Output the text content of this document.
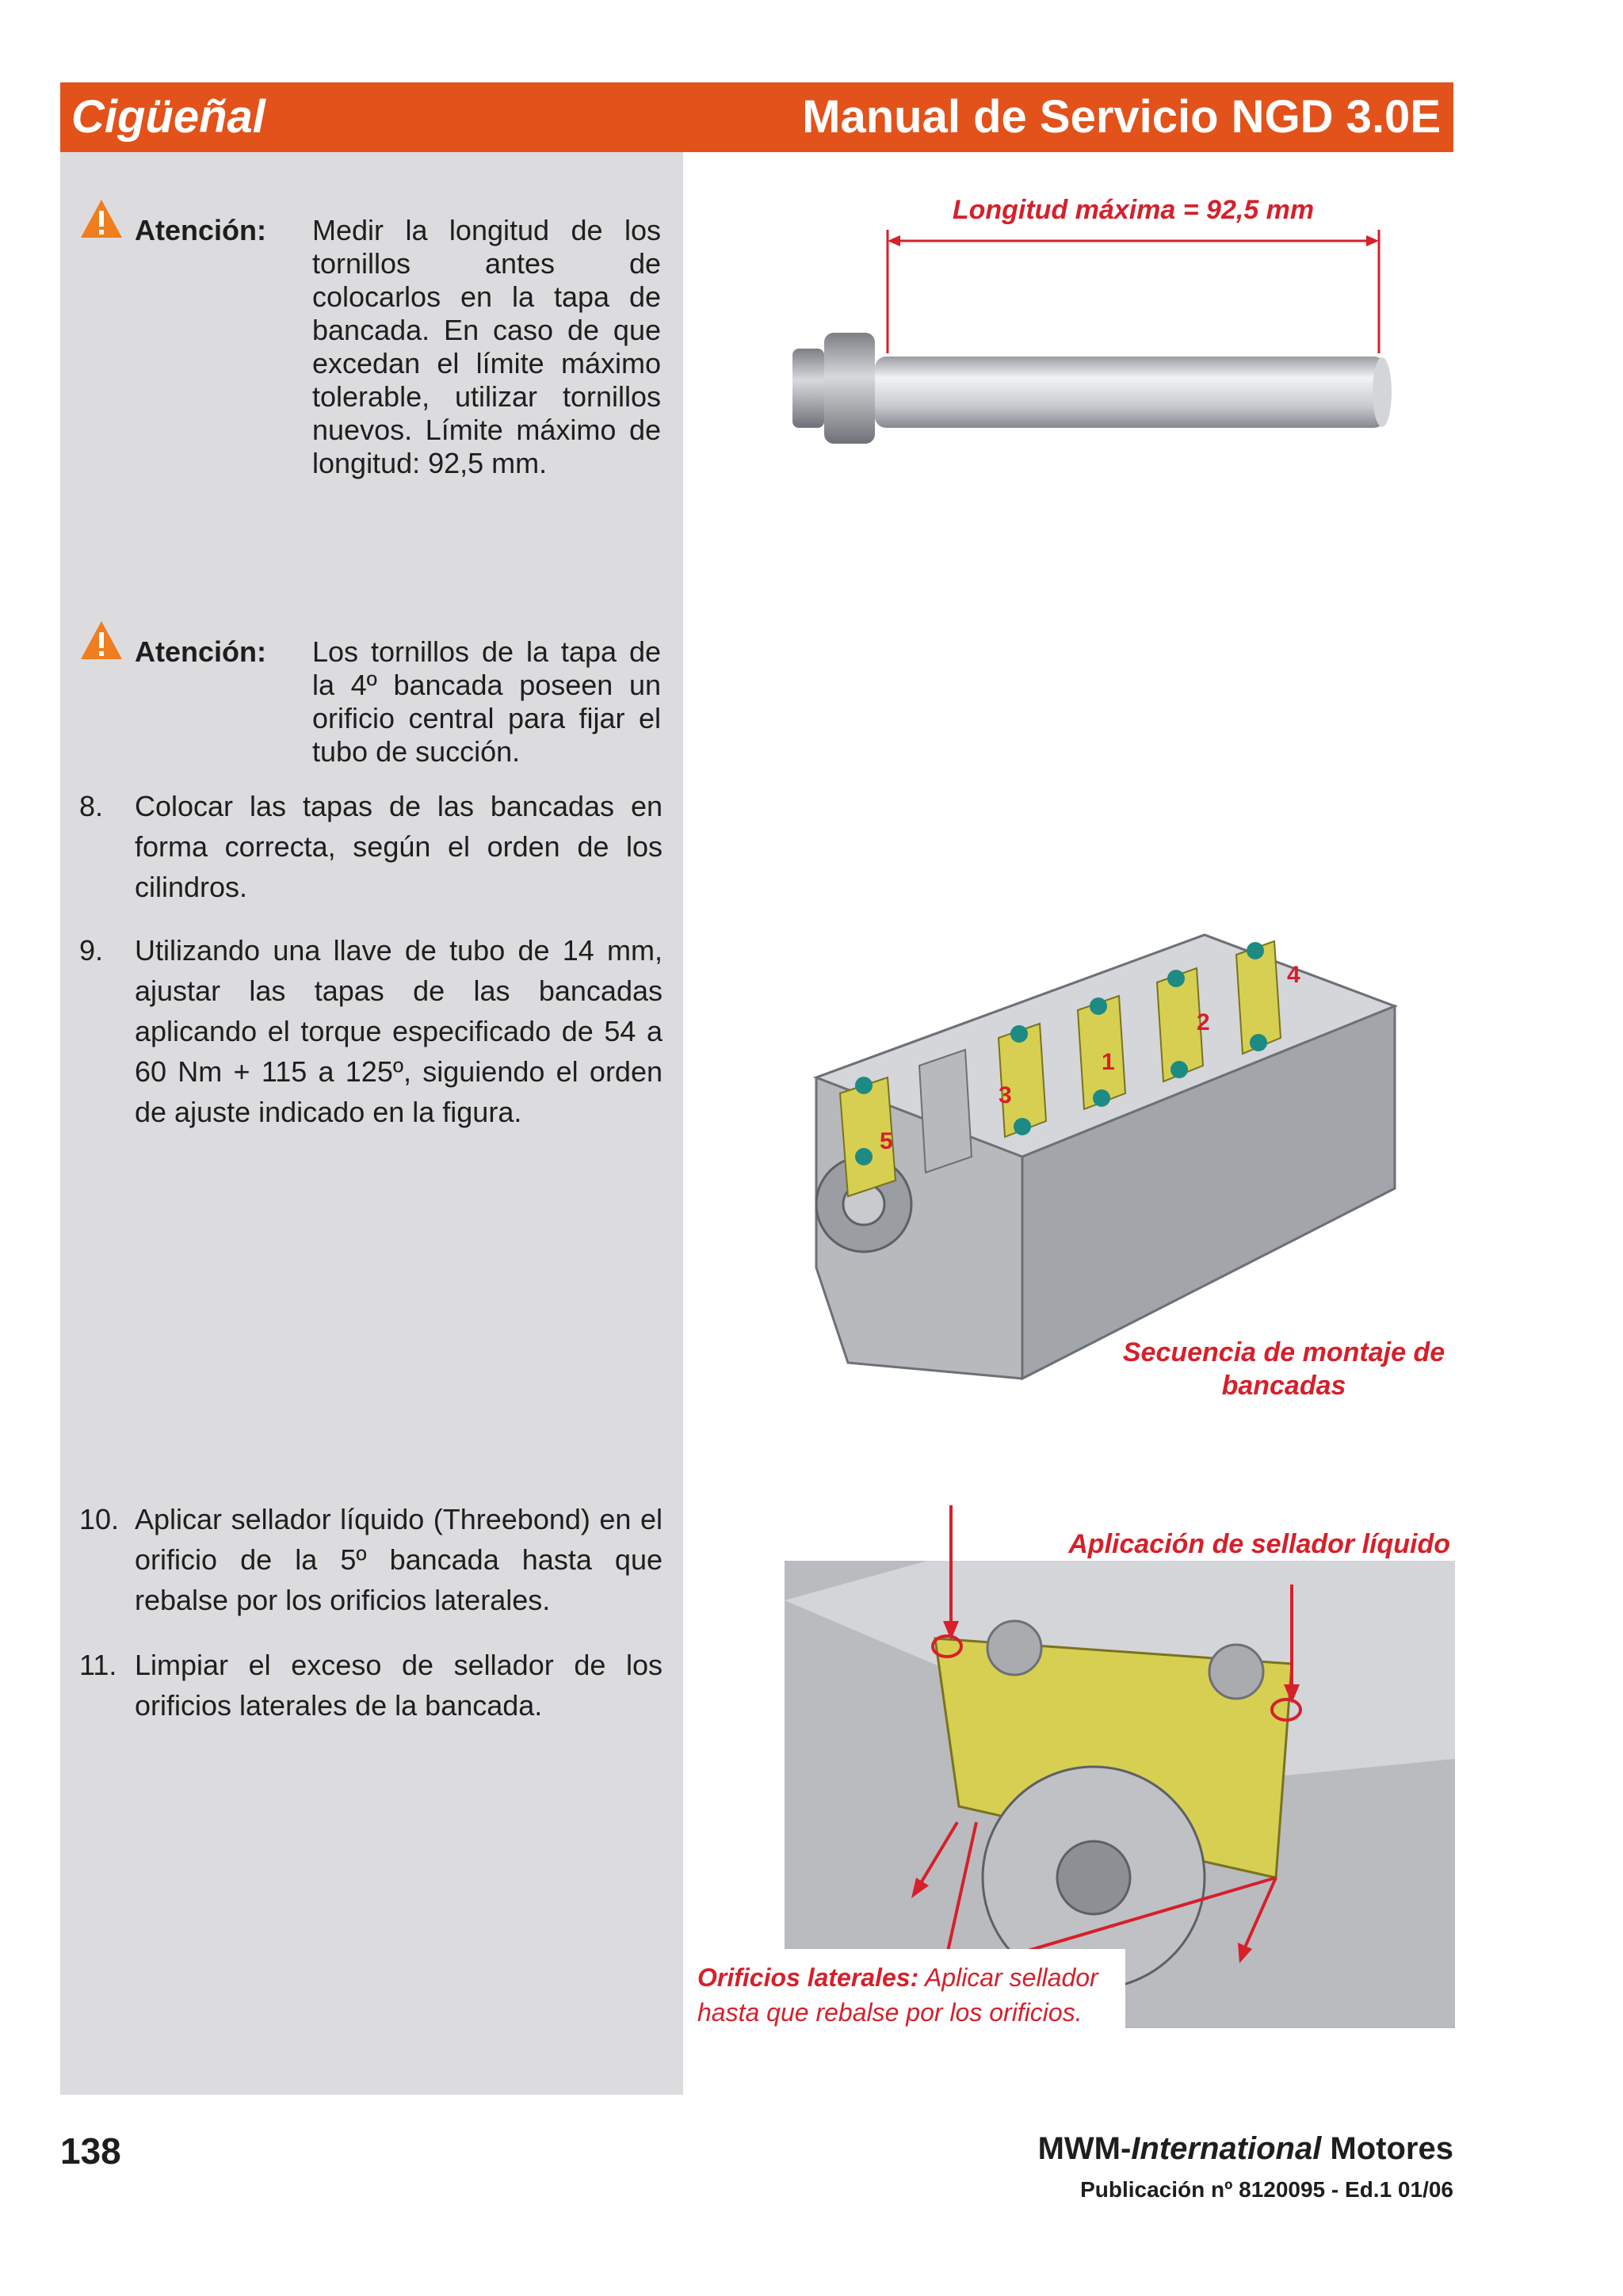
Cigüeñal	Manual de Servicio NGD 3.0E
Atención: Medir la longitud de los tornillos antes de colocarlos en la tapa de bancada. En caso de que excedan el límite máximo tolerable, utilizar tornillos nuevos. Límite máximo de longitud: 92,5 mm.
Atención: Los tornillos de la tapa de la 4º bancada poseen un orificio central para fijar el tubo de succión.
8. Colocar las tapas de las bancadas en forma correcta, según el orden de los cilindros.
9. Utilizando una llave de tubo de 14 mm, ajustar las tapas de las bancadas aplicando el torque especificado de 54 a 60 Nm + 115 a 125º, siguiendo el orden de ajuste indicado en la figura.
10. Aplicar sellador líquido (Threebond) en el orificio de la 5º bancada hasta que rebalse por los orificios laterales.
11. Limpiar el exceso de sellador de los orificios laterales de la bancada.
Longitud máxima = 92,5 mm
1
2
3
4
5
Secuencia de montaje de
bancadas
Aplicación de sellador líquido
Orificios laterales: Aplicar sellador
hasta que rebalse por los orificios.
138	MWM-International Motores
Publicación nº 8120095 - Ed.1 01/06
